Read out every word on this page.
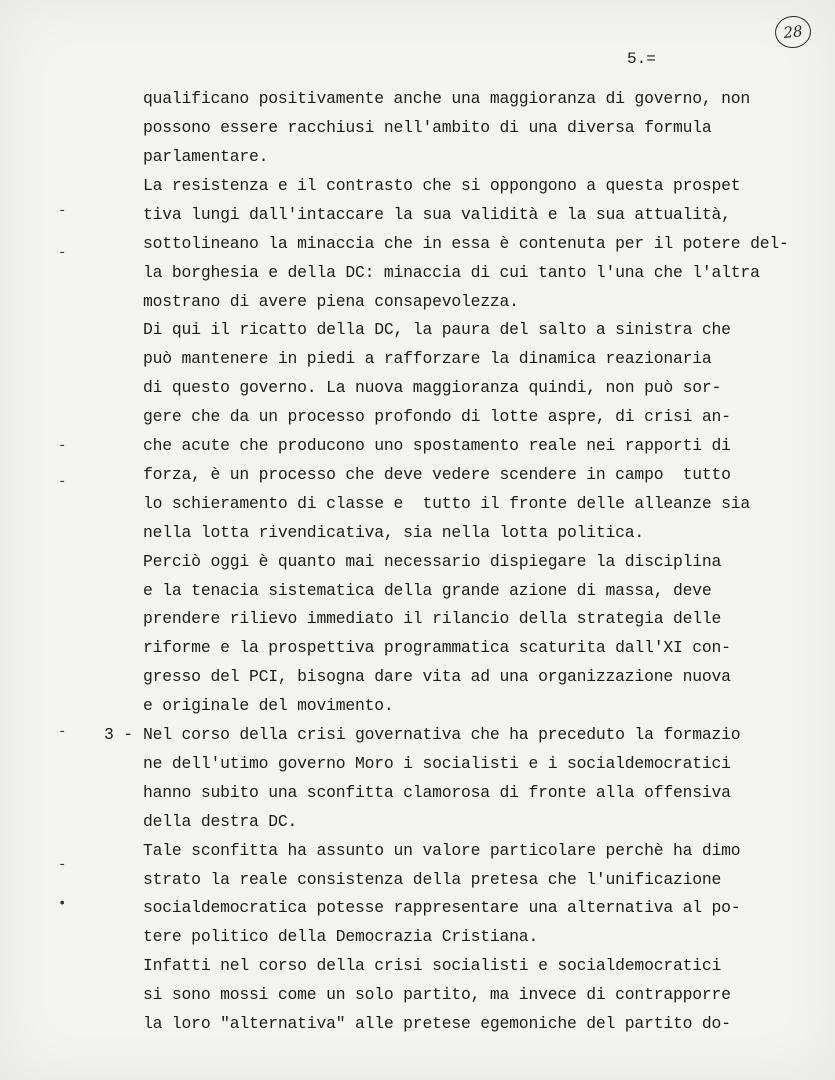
28
5.=
-
-
-
-
-
-
•
qualificano positivamente anche una maggioranza di governo, non
possono essere racchiusi nell'ambito di una diversa formula
parlamentare.
La resistenza e il contrasto che si oppongono a questa prospet
tiva lungi dall'intaccare la sua validità e la sua attualità,
sottolineano la minaccia che in essa è contenuta per il potere del-
la borghesia e della DC: minaccia di cui tanto l'una che l'altra
mostrano di avere piena consapevolezza.
Di qui il ricatto della DC, la paura del salto a sinistra che
può mantenere in piedi a rafforzare la dinamica reazionaria
di questo governo. La nuova maggioranza quindi, non può sor-
gere che da un processo profondo di lotte aspre, di crisi an-
che acute che producono uno spostamento reale nei rapporti di
forza, è un processo che deve vedere scendere in campo  tutto
lo schieramento di classe e  tutto il fronte delle alleanze sia
nella lotta rivendicativa, sia nella lotta politica.
Perciò oggi è quanto mai necessario dispiegare la disciplina
e la tenacia sistematica della grande azione di massa, deve
prendere rilievo immediato il rilancio della strategia delle
riforme e la prospettiva programmatica scaturita dall'XI con-
gresso del PCI, bisogna dare vita ad una organizzazione nuova
e originale del movimento.
3 - Nel corso della crisi governativa che ha preceduto la formazio
ne dell'utimo governo Moro i socialisti e i socialdemocratici
hanno subito una sconfitta clamorosa di fronte alla offensiva
della destra DC.
Tale sconfitta ha assunto un valore particolare perchè ha dimo
strato la reale consistenza della pretesa che l'unificazione
socialdemocratica potesse rappresentare una alternativa al po-
tere politico della Democrazia Cristiana.
Infatti nel corso della crisi socialisti e socialdemocratici
si sono mossi come un solo partito, ma invece di contrapporre
la loro "alternativa" alle pretese egemoniche del partito do-
